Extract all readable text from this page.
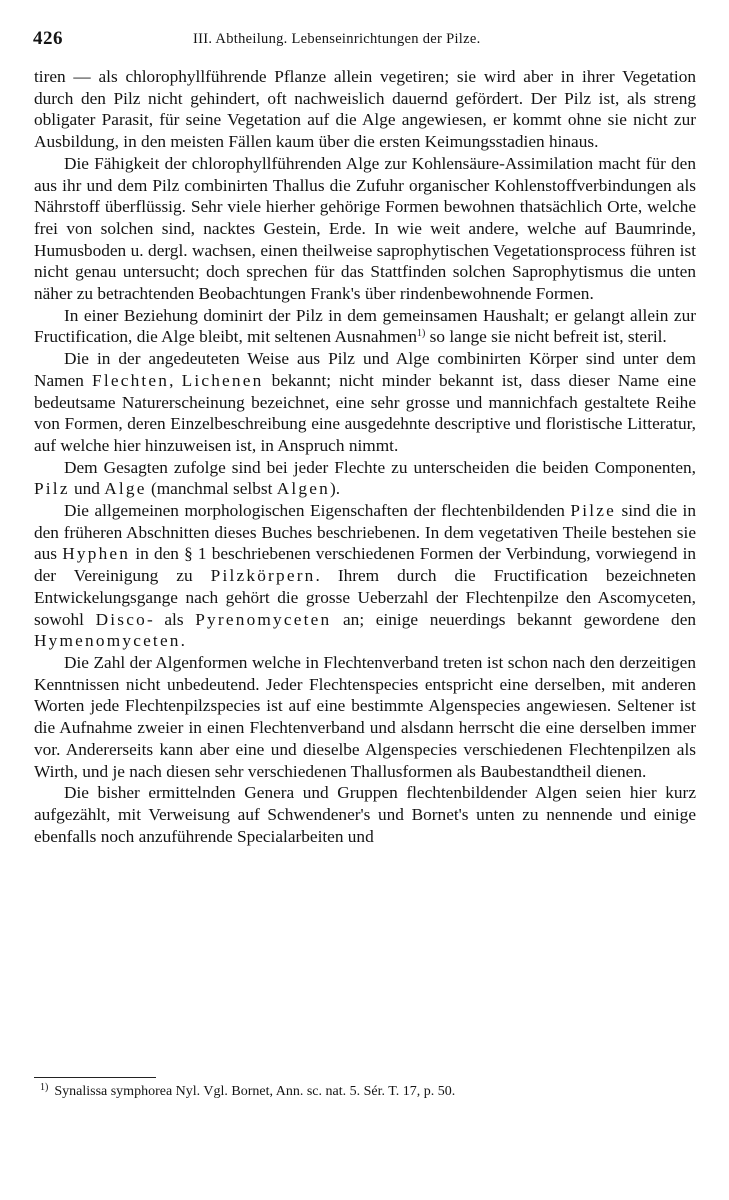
426	III. Abtheilung. Lebenseinrichtungen der Pilze.

tiren — als chlorophyllführende Pflanze allein vegetiren; sie wird aber in ihrer Vegetation durch den Pilz nicht gehindert, oft nachweislich dauernd gefördert. Der Pilz ist, als streng obligater Parasit, für seine Vegetation auf die Alge angewiesen, er kommt ohne sie nicht zur Ausbildung, in den meisten Fällen kaum über die ersten Keimungsstadien hinaus.

Die Fähigkeit der chlorophyllführenden Alge zur Kohlensäure-Assimilation macht für den aus ihr und dem Pilz combinirten Thallus die Zufuhr organischer Kohlenstoffverbindungen als Nährstoff überflüssig. Sehr viele hierher gehörige Formen bewohnen thatsächlich Orte, welche frei von solchen sind, nacktes Gestein, Erde. In wie weit andere, welche auf Baumrinde, Humusboden u. dergl. wachsen, einen theilweise saprophytischen Vegetationsprocess führen ist nicht genau untersucht; doch sprechen für das Stattfinden solchen Saprophytismus die unten näher zu betrachtenden Beobachtungen Frank's über rindenbewohnende Formen.

In einer Beziehung dominirt der Pilz in dem gemeinsamen Haushalt; er gelangt allein zur Fructification, die Alge bleibt, mit seltenen Ausnahmen$^{1)}$ so lange sie nicht befreit ist, steril.

Die in der angedeuteten Weise aus Pilz und Alge combinirten Körper sind unter dem Namen Flechten, Lichenen bekannt; nicht minder bekannt ist, dass dieser Name eine bedeutsame Naturerscheinung bezeichnet, eine sehr grosse und mannichfach gestaltete Reihe von Formen, deren Einzelbeschreibung eine ausgedehnte descriptive und floristische Litteratur, auf welche hier hinzuweisen ist, in Anspruch nimmt.

Dem Gesagten zufolge sind bei jeder Flechte zu unterscheiden die beiden Componenten, Pilz und Alge (manchmal selbst Algen).

Die allgemeinen morphologischen Eigenschaften der flechtenbildenden Pilze sind die in den früheren Abschnitten dieses Buches beschriebenen. In dem vegetativen Theile bestehen sie aus Hyphen in den § 1 beschriebenen verschiedenen Formen der Verbindung, vorwiegend in der Vereinigung zu Pilzkörpern. Ihrem durch die Fructification bezeichneten Entwickelungsgange nach gehört die grosse Ueberzahl der Flechtenpilze den Ascomyceten, sowohl Disco- als Pyrenomyceten an; einige neuerdings bekannt gewordene den Hymenomyceten.

Die Zahl der Algenformen welche in Flechtenverband treten ist schon nach den derzeitigen Kenntnissen nicht unbedeutend. Jeder Flechtenspecies entspricht eine derselben, mit anderen Worten jede Flechtenpilzspecies ist auf eine bestimmte Algenspecies angewiesen. Seltener ist die Aufnahme zweier in einen Flechtenverband und alsdann herrscht die eine derselben immer vor. Andererseits kann aber eine und dieselbe Algenspecies verschiedenen Flechtenpilzen als Wirth, und je nach diesen sehr verschiedenen Thallusformen als Baubestandtheil dienen.

Die bisher ermittelnden Genera und Gruppen flechtenbildender Algen seien hier kurz aufgezählt, mit Verweisung auf Schwendener's und Bornet's unten zu nennende und einige ebenfalls noch anzuführende Specialarbeiten und

$^{1)}$ Synalissa symphorea Nyl. Vgl. Bornet, Ann. sc. nat. 5. Sér. T. 17, p. 50.
